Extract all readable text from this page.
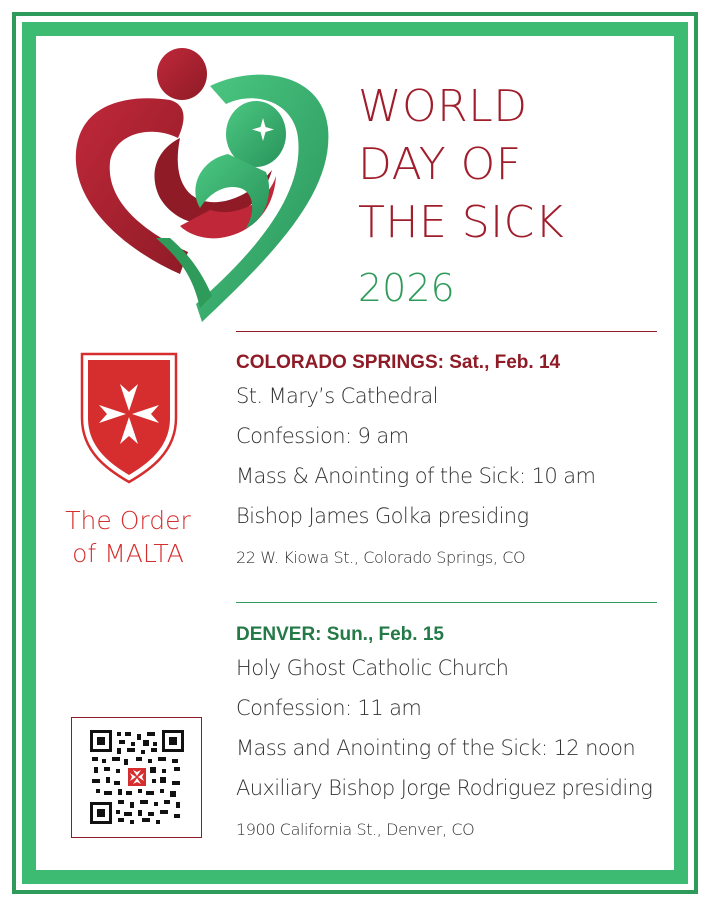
WORLD
DAY OF
THE SICK
2026
COLORADO SPRINGS: Sat., Feb. 14
St. Mary’s Cathedral
Confession: 9 am
Mass & Anointing of the Sick: 10 am
Bishop James Golka presiding
22 W. Kiowa St., Colorado Springs, CO
DENVER: Sun., Feb. 15
Holy Ghost Catholic Church
Confession: 11 am
Mass and Anointing of the Sick: 12 noon
Auxiliary Bishop Jorge Rodriguez presiding
1900 California St., Denver, CO
The Order
of MALTA
